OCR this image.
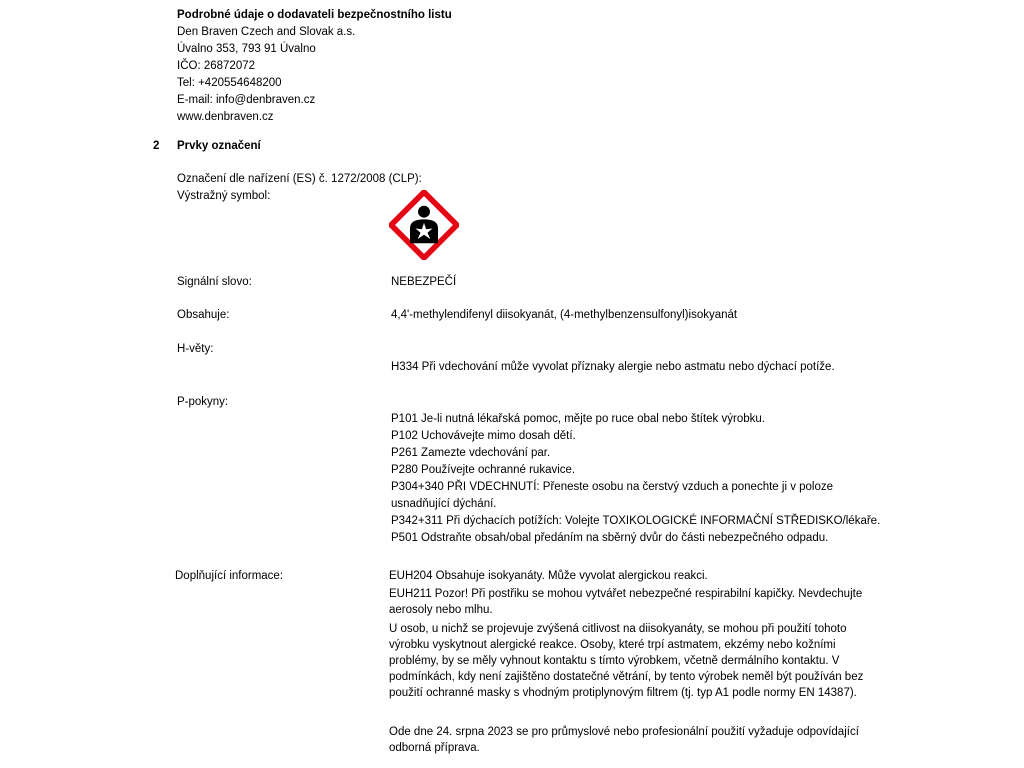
Podrobné údaje o dodavateli bezpečnostního listu
Den Braven Czech and Slovak a.s.
Úvalno 353, 793 91 Úvalno
IČO: 26872072
Tel: +420554648200
E-mail: info@denbraven.cz
www.denbraven.cz
2 Prvky označení
Označení dle nařízení (ES) č. 1272/2008 (CLP):
Výstražný symbol:
Signální slovo:	NEBEZPEČÍ
Obsahuje:	4,4'-methylendifenyl diisokyanát, (4-methylbenzensulfonyl)isokyanát
H-věty:
H334 Při vdechování může vyvolat příznaky alergie nebo astmatu nebo dýchací potíže.
P-pokyny:
P101 Je-li nutná lékařská pomoc, mějte po ruce obal nebo štítek výrobku.
P102 Uchovávejte mimo dosah dětí.
P261 Zamezte vdechování par.
P280 Používejte ochranné rukavice.
P304+340 PŘI VDECHNUTÍ: Přeneste osobu na čerstvý vzduch a ponechte ji v poloze
usnadňující dýchání.
P342+311 Při dýchacích potížích: Volejte TOXIKOLOGICKÉ INFORMAČNÍ STŘEDISKO/lékaře.
P501 Odstraňte obsah/obal předáním na sběrný dvůr do části nebezpečného odpadu.
Doplňující informace:	EUH204 Obsahuje isokyanáty. Může vyvolat alergickou reakci.
EUH211 Pozor! Při postřiku se mohou vytvářet nebezpečné respirabilní kapičky. Nevdechujte aerosoly nebo mlhu.
U osob, u nichž se projevuje zvýšená citlivost na diisokyanáty, se mohou při použití tohoto výrobku vyskytnout alergické reakce. Osoby, které trpí astmatem, ekzémy nebo kožními problémy, by se měly vyhnout kontaktu s tímto výrobkem, včetně dermálního kontaktu. V podmínkách, kdy není zajištěno dostatečné větrání, by tento výrobek neměl být používán bez použití ochranné masky s vhodným protiplynovým filtrem (tj. typ A1 podle normy EN 14387).
Ode dne 24. srpna 2023 se pro průmyslové nebo profesionální použití vyžaduje odpovídající odborná příprava.
